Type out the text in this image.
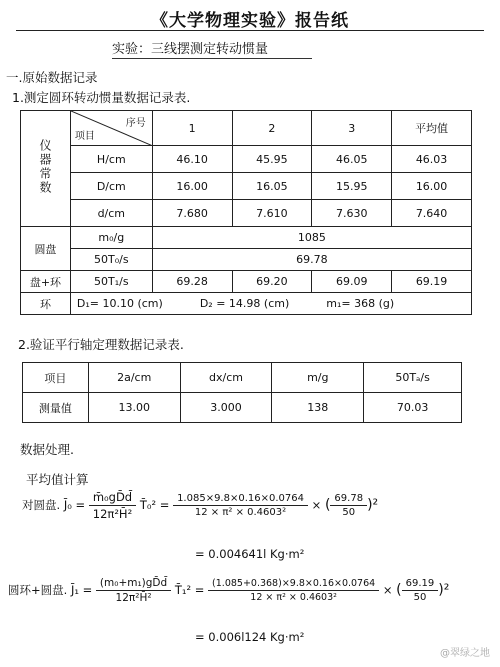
《大学物理实验》报告纸
实验：三线摆测定转动惯量
一.原始数据记录
1.测定圆环转动惯量数据记录表.
仪器常数	序号
项目	1	2	3	平均值
	H/cm	46.10	45.95	46.05	46.03
	D/cm	16.00	16.05	15.95	16.00
	d/cm	7.680	7.610	7.630	7.640
圆盘	m₀/g	1085			
	50T₀/s	69.78			
盘+环	50T₁/s	69.28	69.20	69.09	69.19
环	D₁= 10.10 (cm) D₂ = 14.98 (cm) m₁= 368 (g)				
2.验证平行轴定理数据记录表.
项目	2a/cm	dx/cm	m/g	50Tₐ/s
测量值	13.00	3.000	138	70.03
数据处理.
平均值计算
对圆盘. J̄₀ = $\frac{\text{m̄₀gD̄d̄}}{\text{12π²H̄²}}$ T̄₀² = $\frac{1.085\times 9.8\times 0.16\times 0.0764}{\text{12 × π² × 0.4603²}}$ × ( $\frac{69.78}{50} )^2$
= 0.004641l Kg·m²
圆环+圆盘. J̄₁ = $\frac{\text{(m₀+m₁)gD̄d̄}}{\text{12π²H̄²}}$ T̄₁² = $\frac{(1.085+0.368)\times 9.8\times 0.16\times 0.0764}{\text{12 × π² × 0.4603²}}$ × ( $\frac{69.19}{50} )^2$
= 0.006l124 Kg·m²
@翠绿之地
